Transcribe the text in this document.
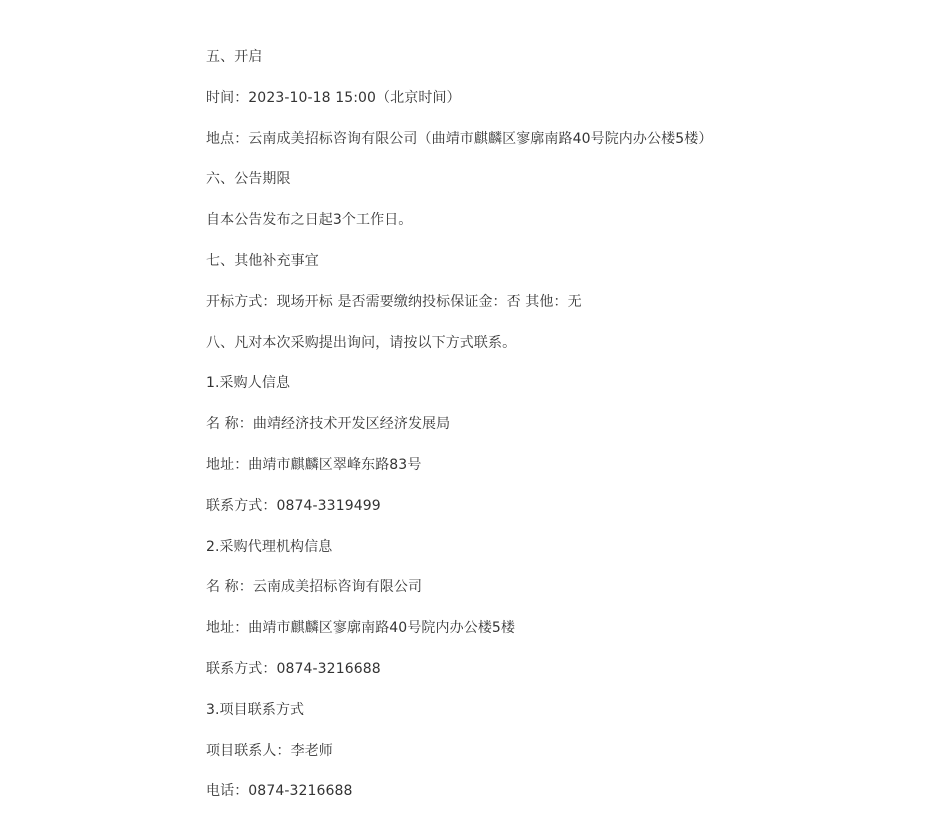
五、开启
时间：2023-10-18 15:00（北京时间）
地点：云南成美招标咨询有限公司（曲靖市麒麟区寥廓南路40号院内办公楼5楼）
六、公告期限
自本公告发布之日起3个工作日。
七、其他补充事宜
开标方式：现场开标 是否需要缴纳投标保证金：否 其他：无
八、凡对本次采购提出询问，请按以下方式联系。
1.采购人信息
名 称：曲靖经济技术开发区经济发展局
地址：曲靖市麒麟区翠峰东路83号
联系方式：0874-3319499
2.采购代理机构信息
名 称：云南成美招标咨询有限公司
地址：曲靖市麒麟区寥廓南路40号院内办公楼5楼
联系方式：0874-3216688
3.项目联系方式
项目联系人：李老师
电话：0874-3216688
